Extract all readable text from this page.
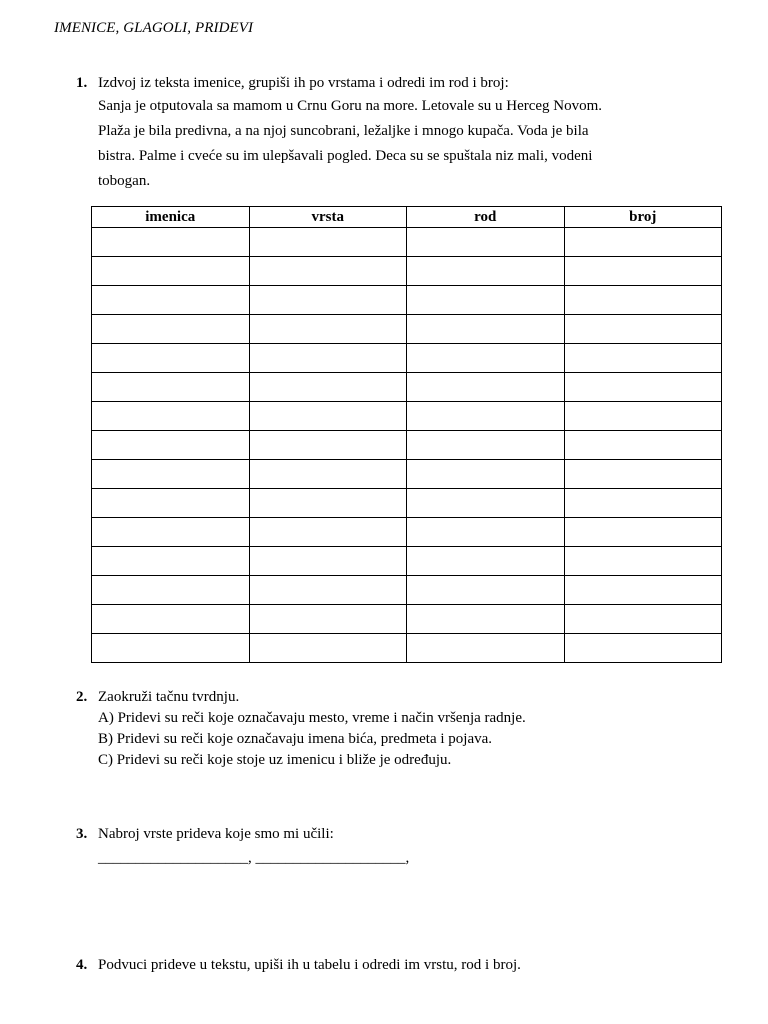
IMENICE, GLAGOLI, PRIDEVI
1. Izdvoj iz teksta imenice, grupiši ih po vrstama i odredi im rod i broj:
Sanja je otputovala sa mamom u Crnu Goru na more. Letovale su u Herceg Novom.
Plaža je bila predivna, a na njoj suncobrani, ležaljke i mnogo kupača. Voda je bila
bistra. Palme i cveće su im ulepšavali pogled. Deca su se spuštala niz mali, vodeni
tobogan.
imenica	vrsta	rod	broj

2. Zaokruži tačnu tvrdnju.
A) Pridevi su reči koje označavaju mesto, vreme i način vršenja radnje.
B) Pridevi su reči koje označavaju imena bića, predmeta i pojava.
C) Pridevi su reči koje stoje uz imenicu i bliže je određuju.
3. Nabroj vrste prideva koje smo mi učili:
____________________, ____________________,
4. Podvuci prideve u tekstu, upiši ih u tabelu i odredi im vrstu, rod i broj.
